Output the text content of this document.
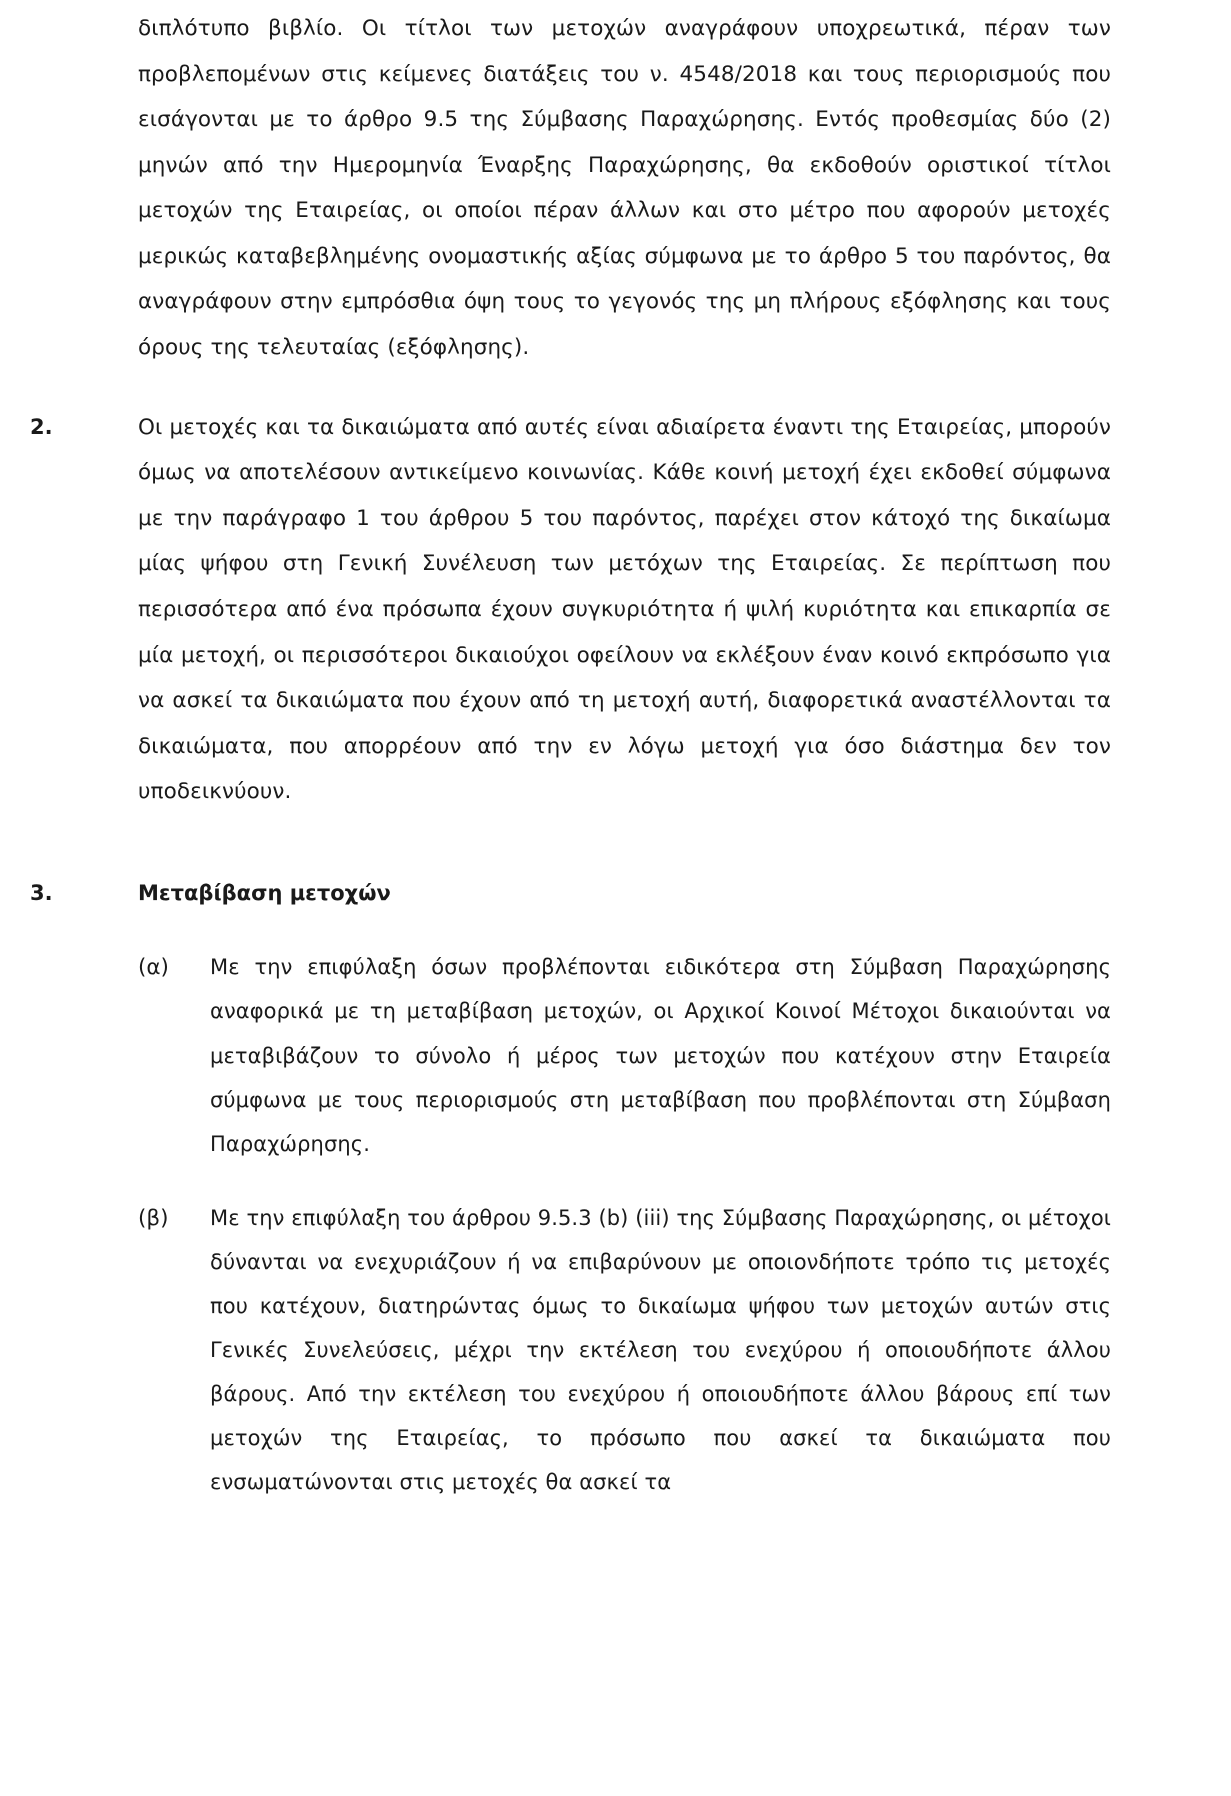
διπλότυπο βιβλίο. Οι τίτλοι των μετοχών αναγράφουν υποχρεωτικά, πέραν των προβλεπομένων στις κείμενες διατάξεις του ν. 4548/2018 και τους περιορισμούς που εισάγονται με το άρθρο 9.5 της Σύμβασης Παραχώρησης. Εντός προθεσμίας δύο (2) μηνών από την Ημερομηνία Έναρξης Παραχώρησης, θα εκδοθούν οριστικοί τίτλοι μετοχών της Εταιρείας, οι οποίοι πέραν άλλων και στο μέτρο που αφορούν μετοχές μερικώς καταβεβλημένης ονομαστικής αξίας σύμφωνα με το άρθρο 5 του παρόντος, θα αναγράφουν στην εμπρόσθια όψη τους το γεγονός της μη πλήρους εξόφλησης και τους όρους της τελευταίας (εξόφλησης).

2.	Οι μετοχές και τα δικαιώματα από αυτές είναι αδιαίρετα έναντι της Εταιρείας, μπορούν όμως να αποτελέσουν αντικείμενο κοινωνίας. Κάθε κοινή μετοχή έχει εκδοθεί σύμφωνα με την παράγραφο 1 του άρθρου 5 του παρόντος, παρέχει στον κάτοχό της δικαίωμα μίας ψήφου στη Γενική Συνέλευση των μετόχων της Εταιρείας. Σε περίπτωση που περισσότερα από ένα πρόσωπα έχουν συγκυριότητα ή ψιλή κυριότητα και επικαρπία σε μία μετοχή, οι περισσότεροι δικαιούχοι οφείλουν να εκλέξουν έναν κοινό εκπρόσωπο για να ασκεί τα δικαιώματα που έχουν από τη μετοχή αυτή, διαφορετικά αναστέλλονται τα δικαιώματα, που απορρέουν από την εν λόγω μετοχή για όσο διάστημα δεν τον υποδεικνύουν.

3.	Μεταβίβαση μετοχών

(α)	Με την επιφύλαξη όσων προβλέπονται ειδικότερα στη Σύμβαση Παραχώρησης αναφορικά με τη μεταβίβαση μετοχών, οι Αρχικοί Κοινοί Μέτοχοι δικαιούνται να μεταβιβάζουν το σύνολο ή μέρος των μετοχών που κατέχουν στην Εταιρεία σύμφωνα με τους περιορισμούς στη μεταβίβαση που προβλέπονται στη Σύμβαση Παραχώρησης.

(β)	Με την επιφύλαξη του άρθρου 9.5.3 (b) (iii) της Σύμβασης Παραχώρησης, οι μέτοχοι δύνανται να ενεχυριάζουν ή να επιβαρύνουν με οποιονδήποτε τρόπο τις μετοχές που κατέχουν, διατηρώντας όμως το δικαίωμα ψήφου των μετοχών αυτών στις Γενικές Συνελεύσεις, μέχρι την εκτέλεση του ενεχύρου ή οποιουδήποτε άλλου βάρους. Από την εκτέλεση του ενεχύρου ή οποιουδήποτε άλλου βάρους επί των μετοχών της Εταιρείας, το πρόσωπο που ασκεί τα δικαιώματα που ενσωματώνονται στις μετοχές θα ασκεί τα
